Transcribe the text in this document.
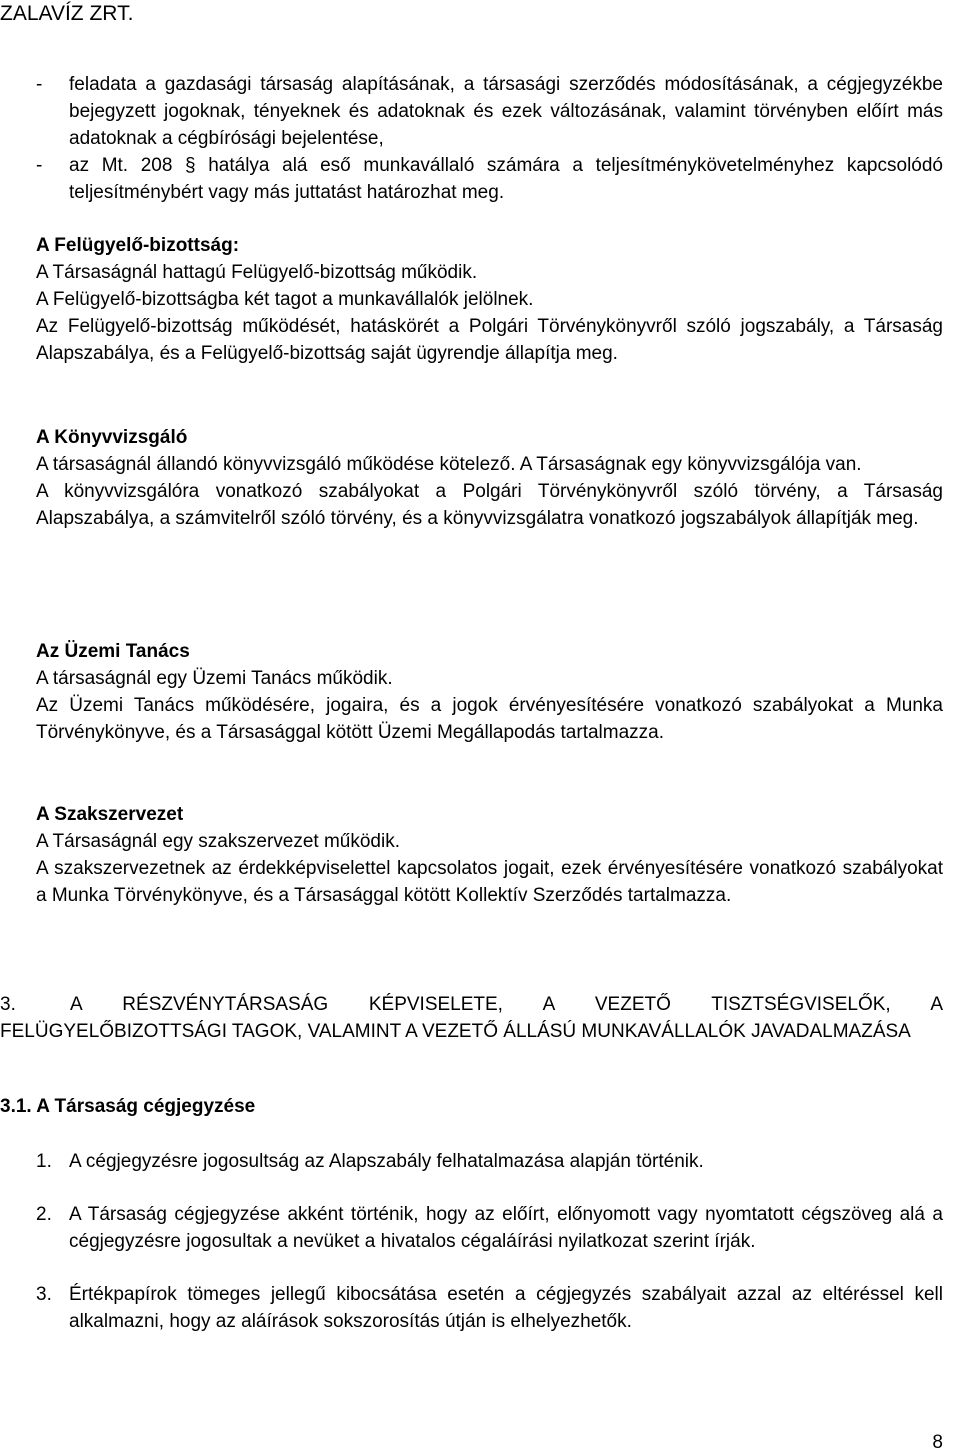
ZALAVÍZ ZRT.
- feladata a gazdasági társaság alapításának, a társasági szerződés módosításának, a cégjegyzékbe bejegyzett jogoknak, tényeknek és adatoknak és ezek változásának, valamint törvényben előírt más adatoknak a cégbírósági bejelentése,
- az Mt. 208 § hatálya alá eső munkavállaló számára a teljesítménykövetelményhez kapcsolódó teljesítménybért vagy más juttatást határozhat meg.

A Felügyelő-bizottság:

A Társaságnál hattagú Felügyelő-bizottság működik.

A Felügyelő-bizottságba két tagot a munkavállalók jelölnek.

Az Felügyelő-bizottság működését, hatáskörét a Polgári Törvénykönyvről szóló jogszabály, a Társaság Alapszabálya, és a Felügyelő-bizottság saját ügyrendje állapítja meg.

A Könyvvizsgáló

A társaságnál állandó könyvvizsgáló működése kötelező. A Társaságnak egy könyvvizsgálója van.

A könyvvizsgálóra vonatkozó szabályokat a Polgári Törvénykönyvről szóló törvény, a Társaság Alapszabálya, a számvitelről szóló törvény, és a könyvvizsgálatra vonatkozó jogszabályok állapítják meg.

Az Üzemi Tanács

A társaságnál egy Üzemi Tanács működik.

Az Üzemi Tanács működésére, jogaira, és a jogok érvényesítésére vonatkozó szabályokat a Munka Törvénykönyve, és a Társasággal kötött Üzemi Megállapodás tartalmazza.

A Szakszervezet

A Társaságnál egy szakszervezet működik.

A szakszervezetnek az érdekképviselettel kapcsolatos jogait, ezek érvényesítésére vonatkozó szabályokat a Munka Törvénykönyve, és a Társasággal kötött Kollektív Szerződés tartalmazza.

3.	A RÉSZVÉNYTÁRSASÁG KÉPVISELETE, A VEZETŐ TISZTSÉGVISELŐK, A FELÜGYELŐBIZOTTSÁGI TAGOK, VALAMINT A VEZETŐ ÁLLÁSÚ MUNKAVÁLLALÓK JAVADALMAZÁSA
3.1. A Társaság cégjegyzése
1. A cégjegyzésre jogosultság az Alapszabály felhatalmazása alapján történik.
2. A Társaság cégjegyzése akként történik, hogy az előírt, előnyomott vagy nyomtatott cégszöveg alá a cégjegyzésre jogosultak a nevüket a hivatalos cégaláírási nyilatkozat szerint írják.
3. Értékpapírok tömeges jellegű kibocsátása esetén a cégjegyzés szabályait azzal az eltéréssel kell alkalmazni, hogy az aláírások sokszorosítás útján is elhelyezhetők.
8
